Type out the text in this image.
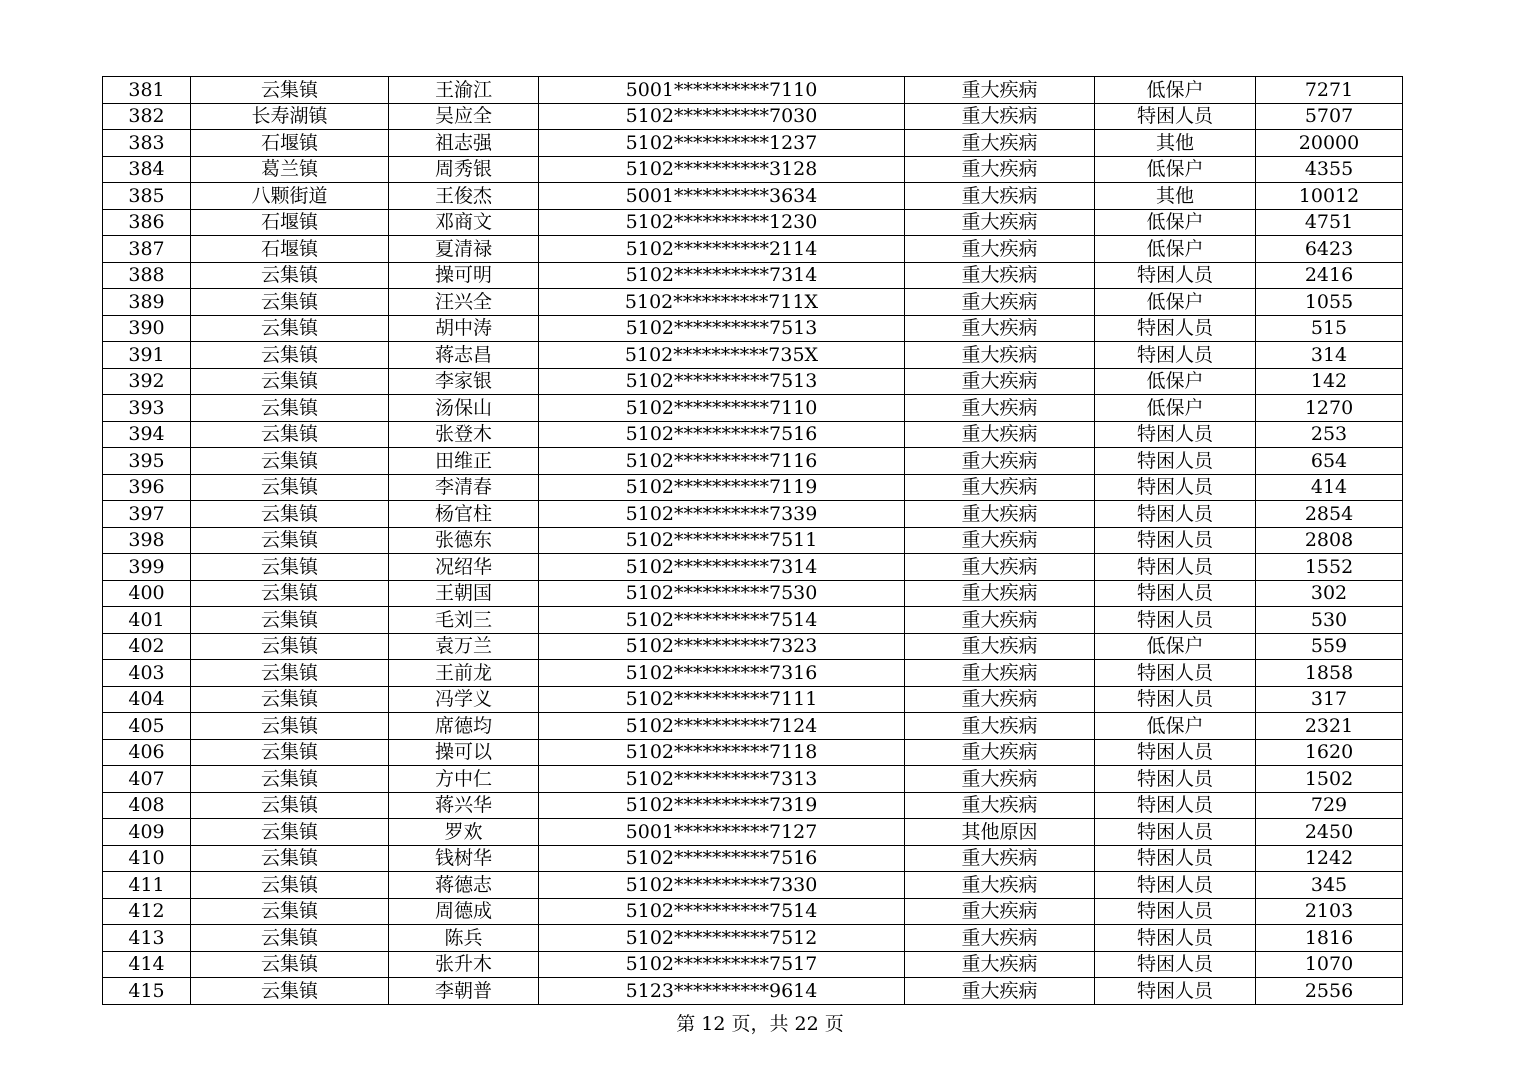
381	云集镇	王渝江	5001**********7110	重大疾病	低保户	7271
382	长寿湖镇	吴应全	5102**********7030	重大疾病	特困人员	5707
383	石堰镇	祖志强	5102**********1237	重大疾病	其他	20000
384	葛兰镇	周秀银	5102**********3128	重大疾病	低保户	4355
385	八颗街道	王俊杰	5001**********3634	重大疾病	其他	10012
386	石堰镇	邓商文	5102**********1230	重大疾病	低保户	4751
387	石堰镇	夏清禄	5102**********2114	重大疾病	低保户	6423
388	云集镇	操可明	5102**********7314	重大疾病	特困人员	2416
389	云集镇	汪兴全	5102**********711X	重大疾病	低保户	1055
390	云集镇	胡中涛	5102**********7513	重大疾病	特困人员	515
391	云集镇	蒋志昌	5102**********735X	重大疾病	特困人员	314
392	云集镇	李家银	5102**********7513	重大疾病	低保户	142
393	云集镇	汤保山	5102**********7110	重大疾病	低保户	1270
394	云集镇	张登木	5102**********7516	重大疾病	特困人员	253
395	云集镇	田维正	5102**********7116	重大疾病	特困人员	654
396	云集镇	李清春	5102**********7119	重大疾病	特困人员	414
397	云集镇	杨官柱	5102**********7339	重大疾病	特困人员	2854
398	云集镇	张德东	5102**********7511	重大疾病	特困人员	2808
399	云集镇	况绍华	5102**********7314	重大疾病	特困人员	1552
400	云集镇	王朝国	5102**********7530	重大疾病	特困人员	302
401	云集镇	毛刘三	5102**********7514	重大疾病	特困人员	530
402	云集镇	袁万兰	5102**********7323	重大疾病	低保户	559
403	云集镇	王前龙	5102**********7316	重大疾病	特困人员	1858
404	云集镇	冯学义	5102**********7111	重大疾病	特困人员	317
405	云集镇	席德均	5102**********7124	重大疾病	低保户	2321
406	云集镇	操可以	5102**********7118	重大疾病	特困人员	1620
407	云集镇	方中仁	5102**********7313	重大疾病	特困人员	1502
408	云集镇	蒋兴华	5102**********7319	重大疾病	特困人员	729
409	云集镇	罗欢	5001**********7127	其他原因	特困人员	2450
410	云集镇	钱树华	5102**********7516	重大疾病	特困人员	1242
411	云集镇	蒋德志	5102**********7330	重大疾病	特困人员	345
412	云集镇	周德成	5102**********7514	重大疾病	特困人员	2103
413	云集镇	陈兵	5102**********7512	重大疾病	特困人员	1816
414	云集镇	张升木	5102**********7517	重大疾病	特困人员	1070
415	云集镇	李朝普	5123**********9614	重大疾病	特困人员	2556
第 12 页，共 22 页
